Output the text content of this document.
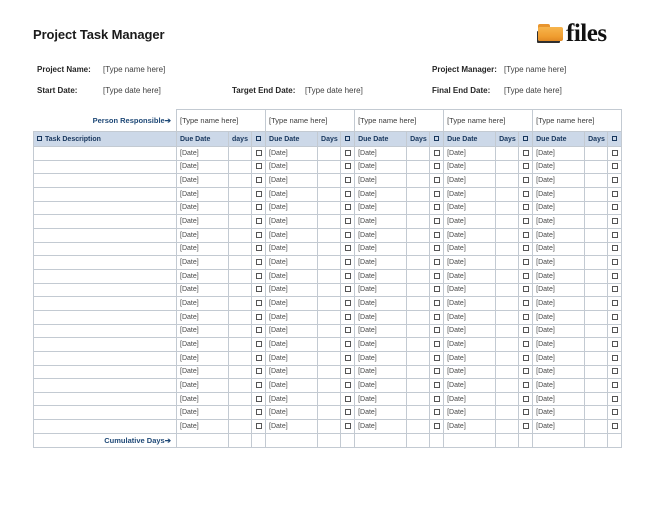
Project Task Manager	files
Project Name: [Type name here]	Project Manager: [Type name here]
Start Date:	[Type date here]	Target End Date: [Type date here]	Final End Date: [Type date here]
Person Responsible➔	[Type name here]			[Type name here]			[Type name here]			[Type name here]			[Type name here]		
Task Description	Due Date	days		Due Date	Days		Due Date	Days		Due Date	Days		Due Date	Days	
	[Date]			[Date]			[Date]			[Date]			[Date]		
	[Date]			[Date]			[Date]			[Date]			[Date]		
	[Date]			[Date]			[Date]			[Date]			[Date]		
	[Date]			[Date]			[Date]			[Date]			[Date]		
	[Date]			[Date]			[Date]			[Date]			[Date]		
	[Date]			[Date]			[Date]			[Date]			[Date]		
	[Date]			[Date]			[Date]			[Date]			[Date]		
	[Date]			[Date]			[Date]			[Date]			[Date]		
	[Date]			[Date]			[Date]			[Date]			[Date]		
	[Date]			[Date]			[Date]			[Date]			[Date]		
	[Date]			[Date]			[Date]			[Date]			[Date]		
	[Date]			[Date]			[Date]			[Date]			[Date]		
	[Date]			[Date]			[Date]			[Date]			[Date]		
	[Date]			[Date]			[Date]			[Date]			[Date]		
	[Date]			[Date]			[Date]			[Date]			[Date]		
	[Date]			[Date]			[Date]			[Date]			[Date]		
	[Date]			[Date]			[Date]			[Date]			[Date]		
	[Date]			[Date]			[Date]			[Date]			[Date]		
	[Date]			[Date]			[Date]			[Date]			[Date]		
	[Date]			[Date]			[Date]			[Date]			[Date]		
	[Date]			[Date]			[Date]			[Date]			[Date]		
Cumulative Days➔															
